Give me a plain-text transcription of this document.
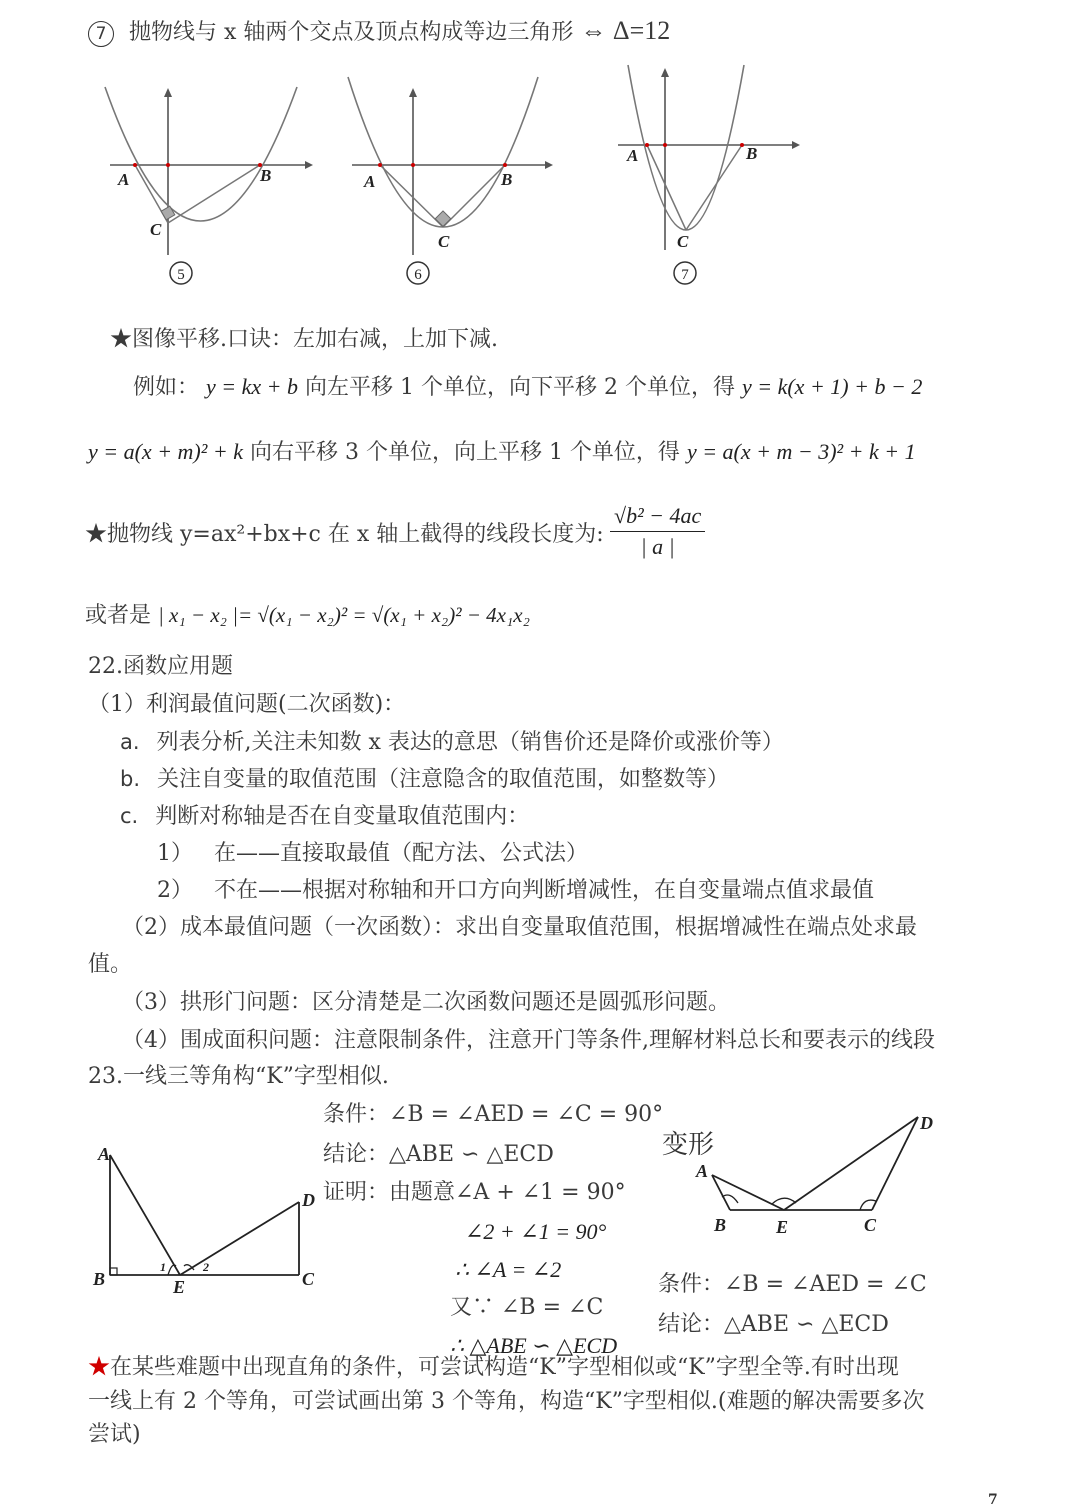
7 抛物线与 x 轴两个交点及顶点构成等边三角形 ⇔ Δ=12
A	B
C
A	B
C
A	B
C
5	6	7
★图像平移.口诀：左加右减，上加下减.
例如： y = kx + b 向左平移 1 个单位，向下平移 2 个单位，得 y = k(x + 1) + b − 2
y = a(x + m)² + k 向右平移 3 个单位，向上平移 1 个单位，得 y = a(x + m − 3)² + k + 1
★抛物线 y=ax²+bx+c 在 x 轴上截得的线段长度为: $\frac{\text{√b² − 4ac}}{| a |}$
或者是 | x₁ − x₂ |= √(x₁ − x₂)² = √(x₁ + x₂)² − 4x₁x₂
22.函数应用题
（1）利润最值问题(二次函数)：
a. 列表分析,关注未知数 x 表达的意思（销售价还是降价或涨价等）
b. 关注自变量的取值范围（注意隐含的取值范围，如整数等）
c. 判断对称轴是否在自变量取值范围内：
1） 在——直接取最值（配方法、公式法）
2） 不在——根据对称轴和开口方向判断增减性，在自变量端点值求最值
（2）成本最值问题（一次函数）：求出自变量取值范围，根据增减性在端点处求最
值。
（3）拱形门问题：区分清楚是二次函数问题还是圆弧形问题。
（4）围成面积问题：注意限制条件，注意开门等条件,理解材料总长和要表示的线段
23.一线三等角构“K”字型相似.
A
B	E	C
D
1	2
条件：∠B = ∠AED = ∠C = 90°
结论：△ABE ∽ △ECD
证明：由题意∠A + ∠1 = 90°
∠2 + ∠1 = 90°
∴ ∠A = ∠2
又∵ ∠B = ∠C
∴ △ABE ∽ △ECD
变形
A
B	E	C
D
条件：∠B = ∠AED = ∠C
结论：△ABE ∽ △ECD
★在某些难题中出现直角的条件，可尝试构造“K”字型相似或“K”字型全等.有时出现
一线上有 2 个等角，可尝试画出第 3 个等角，构造“K”字型相似.(难题的解决需要多次
尝试)
7
